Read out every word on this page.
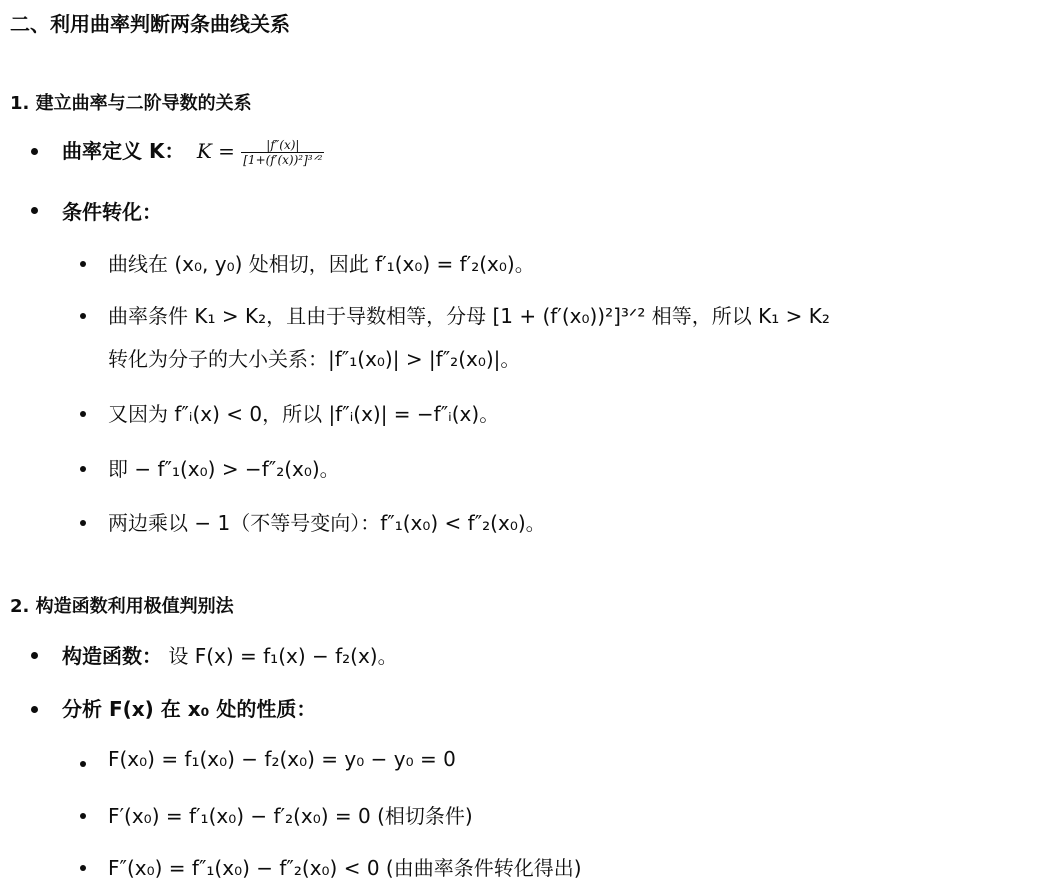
二、利用曲率判断两条曲线关系
1. 建立曲率与二阶导数的关系
曲率定义 K： $K = \frac{|f''(x)|}{\text{[1+(f′(x))²]³ᐟ²}}$
条件转化：
曲线在 (x₀, y₀) 处相切，因此 f′₁(x₀) = f′₂(x₀)。
曲率条件 K₁ > K₂，且由于导数相等，分母 [1 + (f′(x₀))²]³ᐟ² 相等，所以 K₁ > K₂
转化为分子的大小关系：|f″₁(x₀)| > |f″₂(x₀)|。
又因为 f″ᵢ(x) < 0，所以 |f″ᵢ(x)| = −f″ᵢ(x)。
即 − f″₁(x₀) > −f″₂(x₀)。
两边乘以 − 1（不等号变向）：f″₁(x₀) < f″₂(x₀)。
2. 构造函数利用极值判别法
构造函数： 设 F(x) = f₁(x) − f₂(x)。
分析 F(x) 在 x₀ 处的性质：
F(x₀) = f₁(x₀) − f₂(x₀) = y₀ − y₀ = 0
F′(x₀) = f′₁(x₀) − f′₂(x₀) = 0 (相切条件)
F″(x₀) = f″₁(x₀) − f″₂(x₀) < 0 (由曲率条件转化得出)
